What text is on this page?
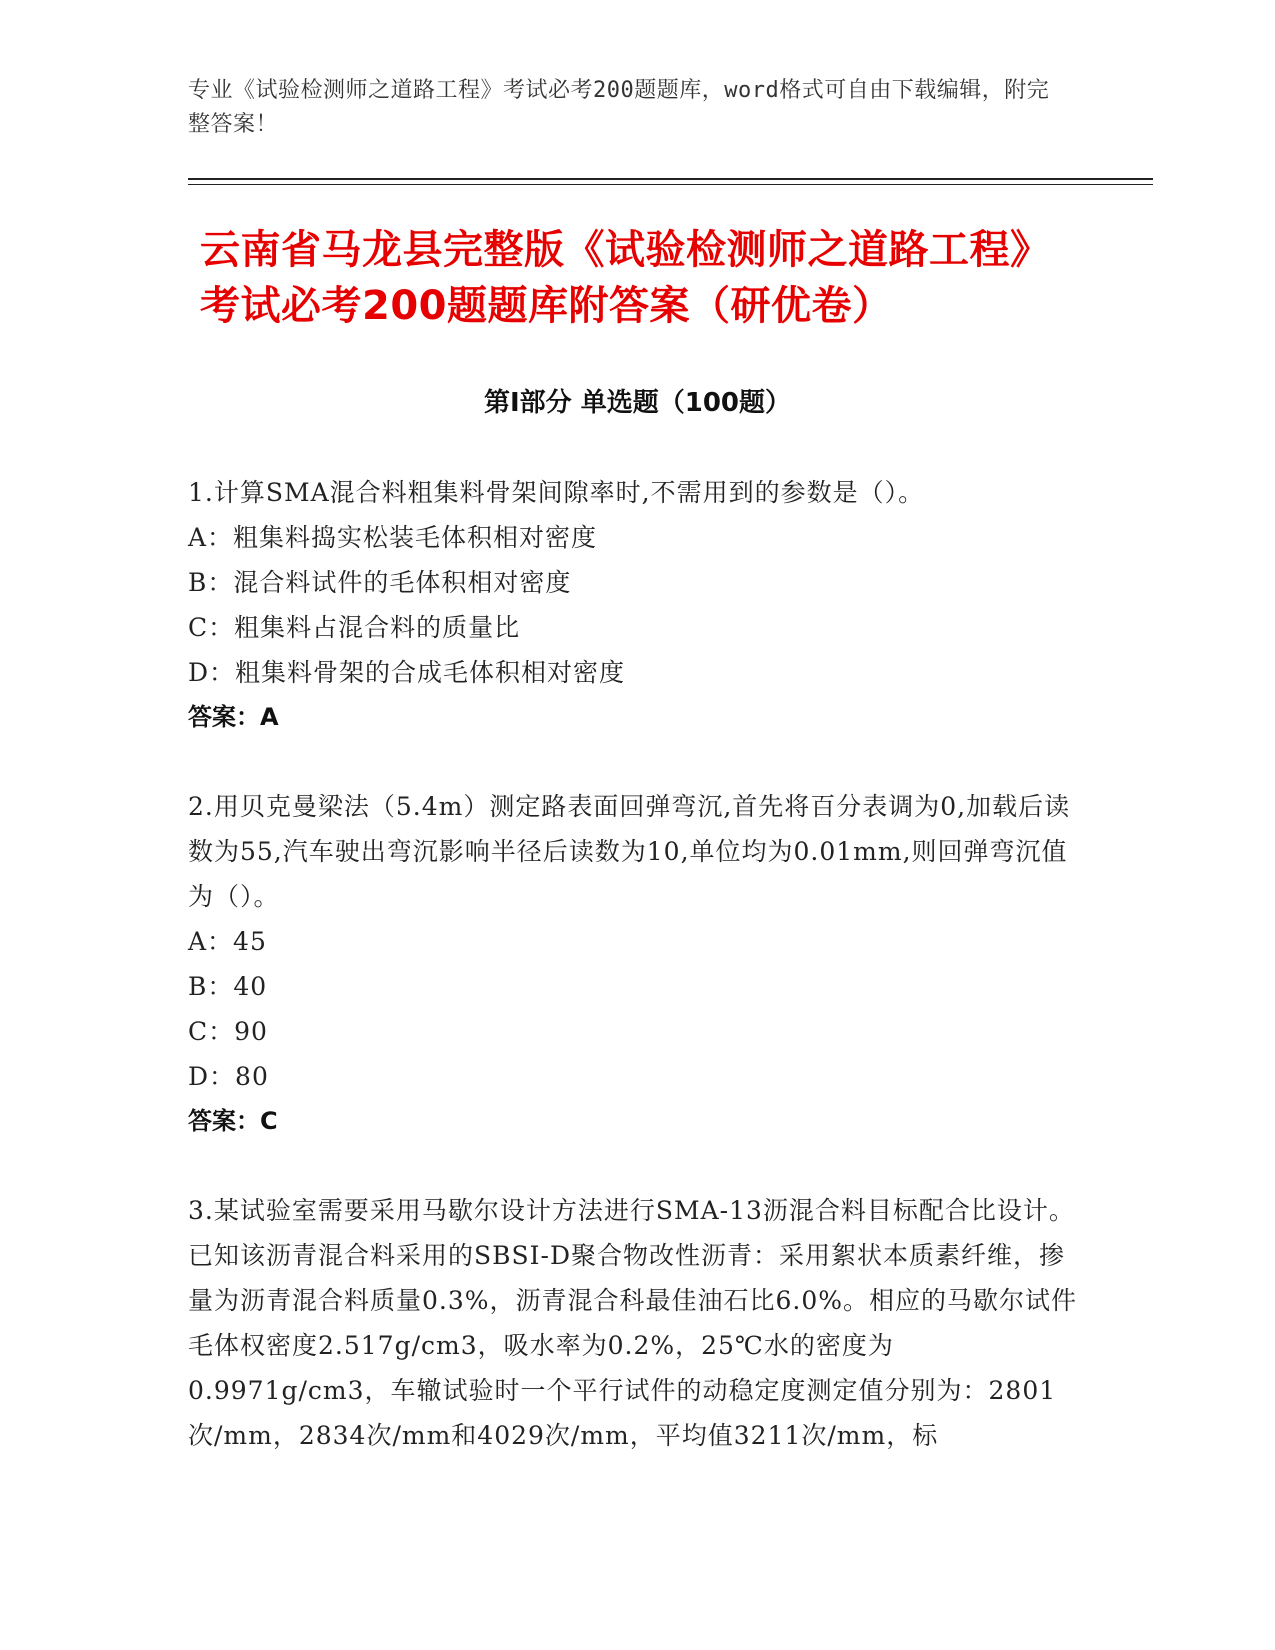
专业《试验检测师之道路工程》考试必考200题题库，word格式可自由下载编辑，附完整答案！
云南省马龙县完整版《试验检测师之道路工程》考试必考200题题库附答案（研优卷）
第I部分 单选题（100题）

1.计算SMA混合料粗集料骨架间隙率时,不需用到的参数是（）。

A：粗集料捣实松装毛体积相对密度

B：混合料试件的毛体积相对密度

C：粗集料占混合料的质量比

D：粗集料骨架的合成毛体积相对密度

答案：A

2.用贝克曼梁法（5.4m）测定路表面回弹弯沉,首先将百分表调为0,加载后读数为55,汽车驶出弯沉影响半径后读数为10,单位均为0.01mm,则回弹弯沉值为（）。

A：45

B：40

C：90

D：80

答案：C

3.某试验室需要采用马歇尔设计方法进行SMA-13沥混合料目标配合比设计。已知该沥青混合料采用的SBSI-D聚合物改性沥青：采用絮状本质素纤维，掺量为沥青混合料质量0.3%，沥青混合科最佳油石比6.0%。相应的马歇尔试件毛体权密度2.517g/cm3，吸水率为0.2%，25℃水的密度为0.9971g/cm3，车辙试验时一个平行试件的动稳定度测定值分别为：2801次/mm，2834次/mm和4029次/mm，平均值3211次/mm，标
